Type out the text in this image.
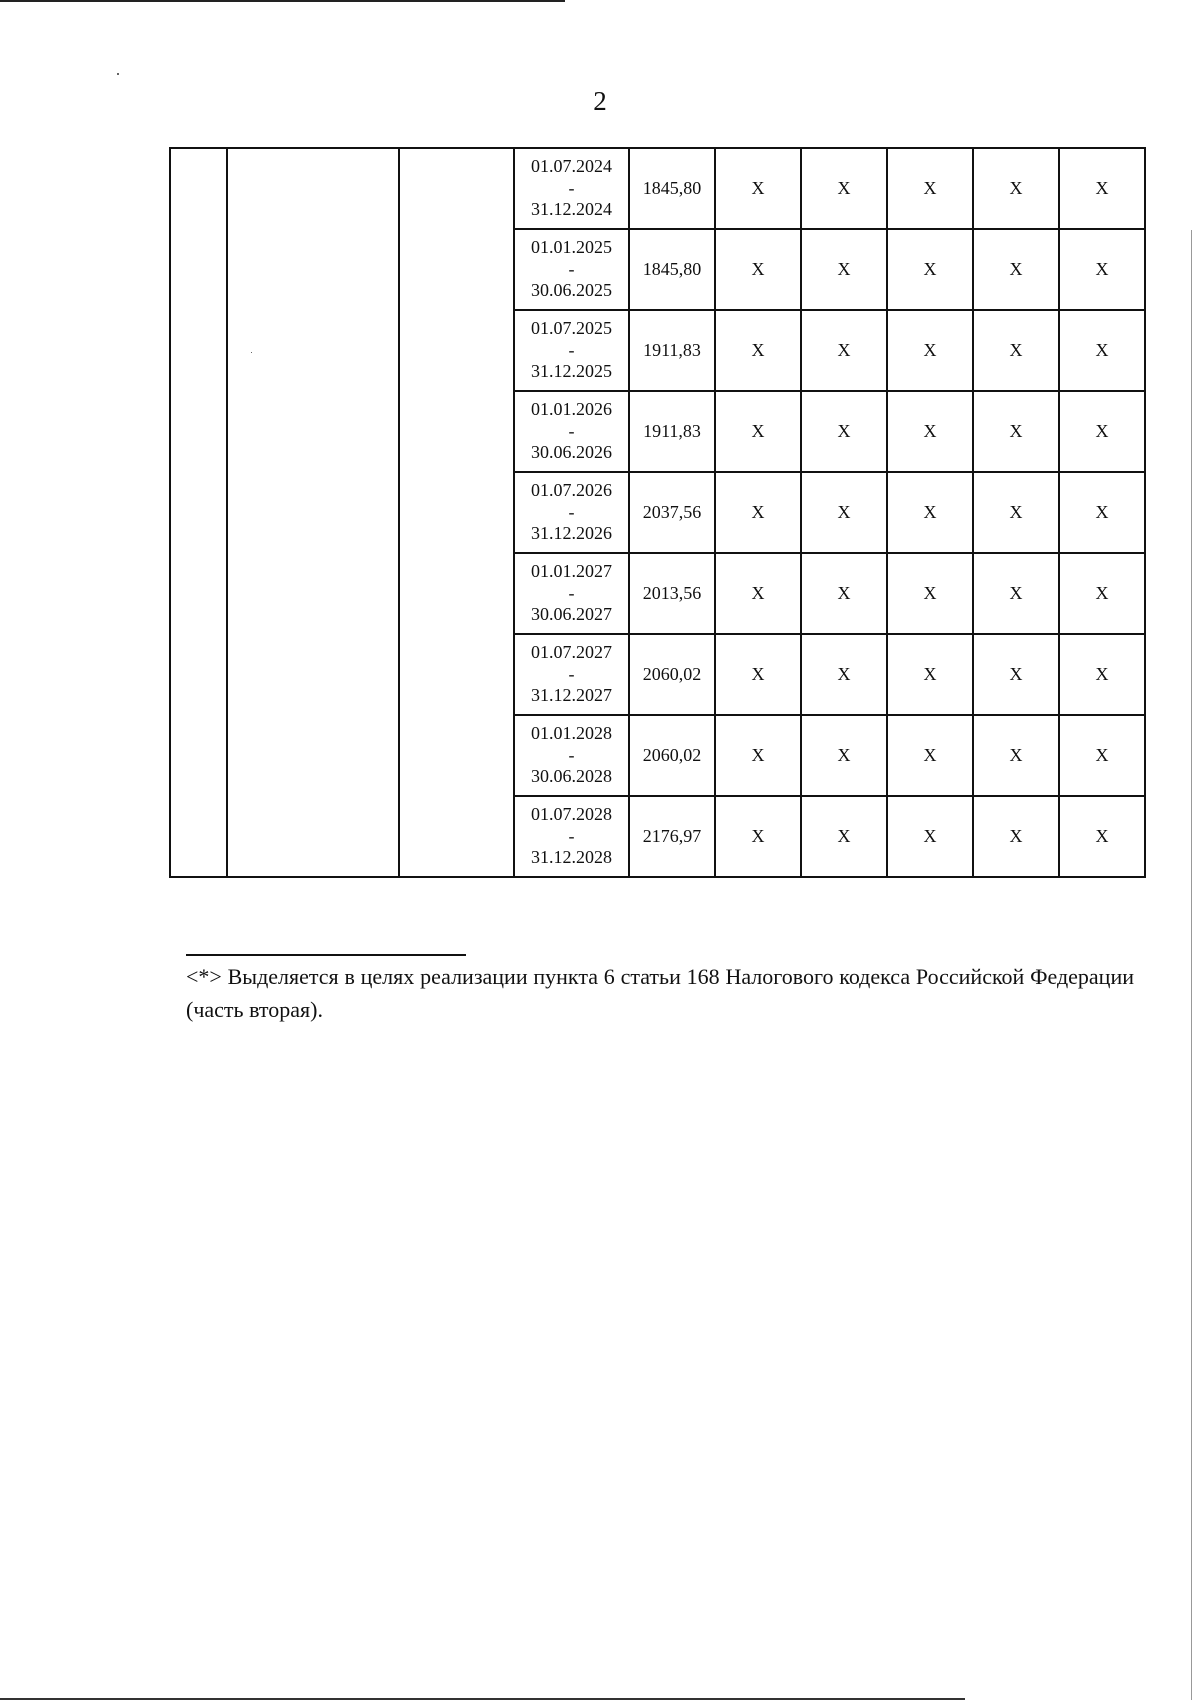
2

			01.07.2024
-
31.12.2024	1845,80	X	X	X	X	X

			01.01.2025
-
30.06.2025	1845,80	X	X	X	X	X

			01.07.2025
-
31.12.2025	1911,83	X	X	X	X	X

			01.01.2026
-
30.06.2026	1911,83	X	X	X	X	X

			01.07.2026
-
31.12.2026	2037,56	X	X	X	X	X

			01.01.2027
-
30.06.2027	2013,56	X	X	X	X	X

			01.07.2027
-
31.12.2027	2060,02	X	X	X	X	X

			01.01.2028
-
30.06.2028	2060,02	X	X	X	X	X

			01.07.2028
-
31.12.2028	2176,97	X	X	X	X	X
<*> Выделяется в целях реализации пункта 6 статьи 168 Налогового кодекса Российской Федерации (часть вторая).
